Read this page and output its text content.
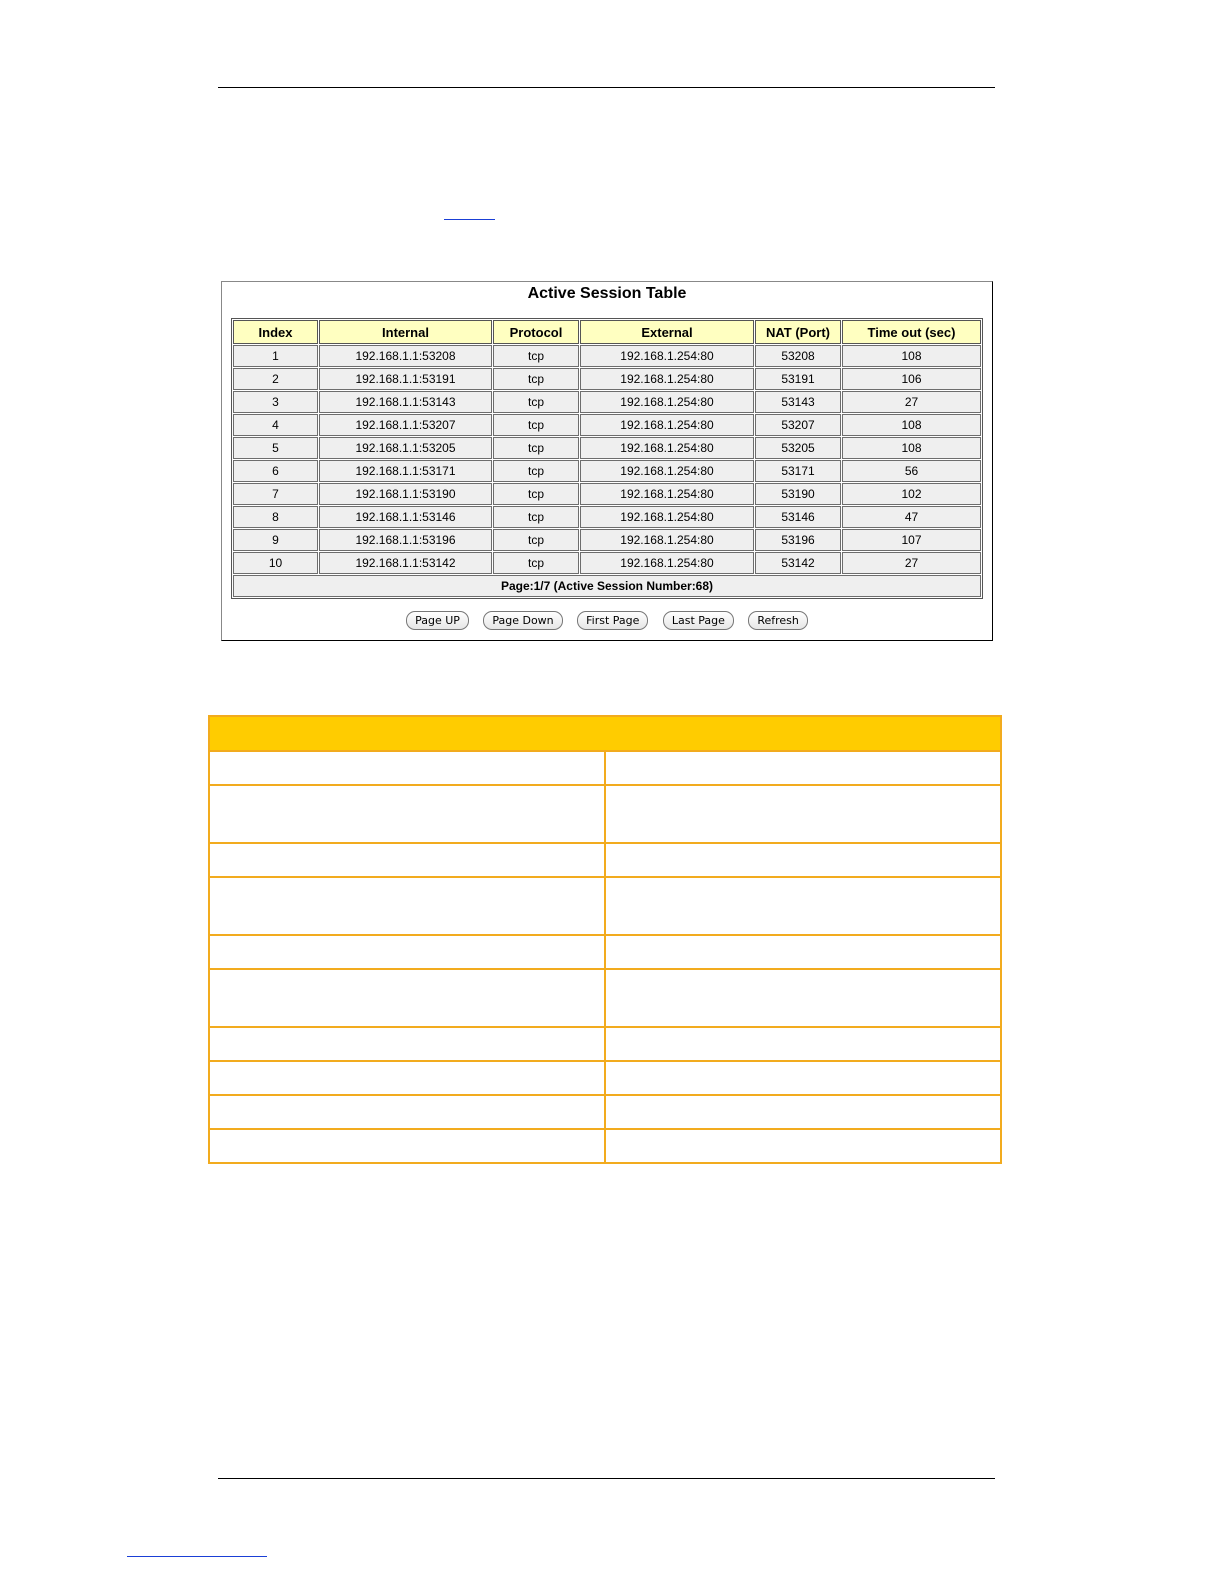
Active Session Table
Index	Internal	Protocol	External	NAT (Port)	Time out (sec)
1	192.168.1.1:53208	tcp	192.168.1.254:80	53208	108
2	192.168.1.1:53191	tcp	192.168.1.254:80	53191	106
3	192.168.1.1:53143	tcp	192.168.1.254:80	53143	27
4	192.168.1.1:53207	tcp	192.168.1.254:80	53207	108
5	192.168.1.1:53205	tcp	192.168.1.254:80	53205	108
6	192.168.1.1:53171	tcp	192.168.1.254:80	53171	56
7	192.168.1.1:53190	tcp	192.168.1.254:80	53190	102
8	192.168.1.1:53146	tcp	192.168.1.254:80	53146	47
9	192.168.1.1:53196	tcp	192.168.1.254:80	53196	107
10	192.168.1.1:53142	tcp	192.168.1.254:80	53142	27
Page:1/7 (Active Session Number:68)					
Page UP	Page Down	First Page	Last Page	Refresh
